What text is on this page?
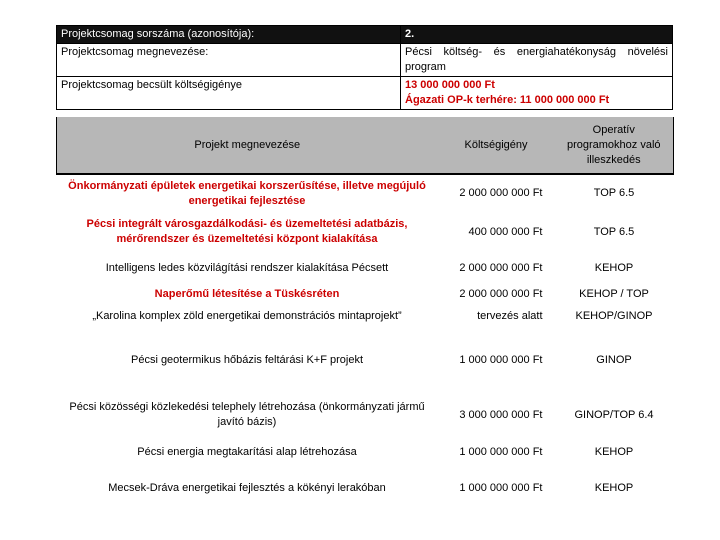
Projektcsomag sorszáma (azonosítója):	2.
Projektcsomag megnevezése:	Pécsi költség- és energiahatékonyság növelési
program

Projektcsomag becsült költségigénye	13 000 000 000 Ft
Ágazati OP-k terhére: 11 000 000 000 Ft
Projekt megnevezése	Költségigény	Operatív
programokhoz való
illeszkedés

Önkormányzati épületek energetikai korszerűsítése, illetve megújuló
energetikai fejlesztése	2 000 000 000 Ft	TOP 6.5

Pécsi integrált városgazdálkodási- és üzemeltetési adatbázis,
mérőrendszer és üzemeltetési központ kialakítása	400 000 000 Ft	TOP 6.5
Intelligens ledes közvilágítási rendszer kialakítása Pécsett	2 000 000 000 Ft	KEHOP
Naperőmű létesítése a Tüskésréten	2 000 000 000 Ft	KEHOP / TOP
„Karolina komplex zöld energetikai demonstrációs mintaprojekt”	tervezés alatt	KEHOP/GINOP
Pécsi geotermikus hőbázis feltárási K+F projekt	1 000 000 000 Ft	GINOP

Pécsi közösségi közlekedési telephely létrehozása (önkormányzati jármű
javító bázis)	3 000 000 000 Ft	GINOP/TOP 6.4
Pécsi energia megtakarítási alap létrehozása	1 000 000 000 Ft	KEHOP
Mecsek-Dráva energetikai fejlesztés a kökényi lerakóban	1 000 000 000 Ft	KEHOP
